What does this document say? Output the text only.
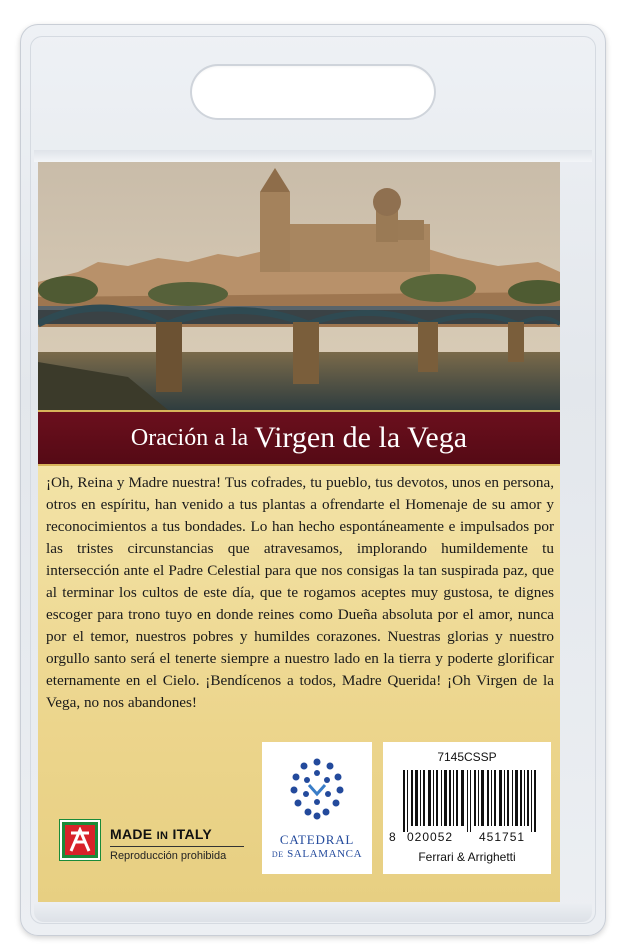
Oración a la Virgen de la Vega

¡Oh, Reina y Madre nuestra! Tus cofrades, tu pueblo, tus devotos, unos en persona, otros en espíritu, han venido a tus plantas a ofrendarte el Homenaje de su amor y reconocimientos a tus bondades. Lo han hecho espontáneamente e impulsados por las tristes circunstancias que atravesamos, implorando humildemente tu intersección ante el Padre Celestial para que nos consigas la tan suspirada paz, que al terminar los cultos de este día, que te rogamos aceptes muy gustosa, te dignes escoger para trono tuyo en donde reines como Dueña absoluta por el amor, nunca por el temor, nuestros pobres y humildes corazones. Nuestras glorias y nuestro orgullo santo será el tenerte siempre a nuestro lado en la tierra y poderte glorificar eternamente en el Cielo. ¡Bendícenos a todos, Madre Querida! ¡Oh Virgen de la Vega, no nos abandones!

MADE IN ITALY
Reproducción prohibida
CATEDRAL
DE SALAMANCA
7145CSSP
8 020052 451751
Ferrari & Arrighetti
